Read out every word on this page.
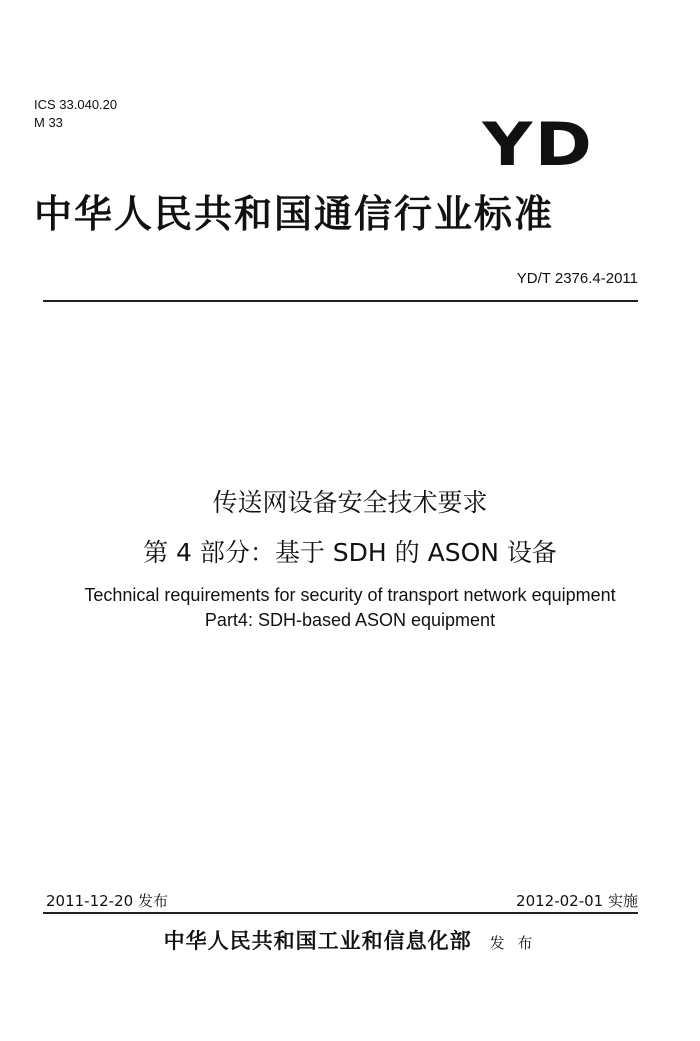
ICS 33.040.20
M 33	YD
中华人民共和国通信行业标准
YD/T 2376.4-2011
传送网设备安全技术要求
第 4 部分：基于 SDH 的 ASON 设备
Technical requirements for security of transport network equipment
Part4: SDH-based ASON equipment
2011-12-20 发布	2012-02-01 实施
中华人民共和国工业和信息化部 发 布
